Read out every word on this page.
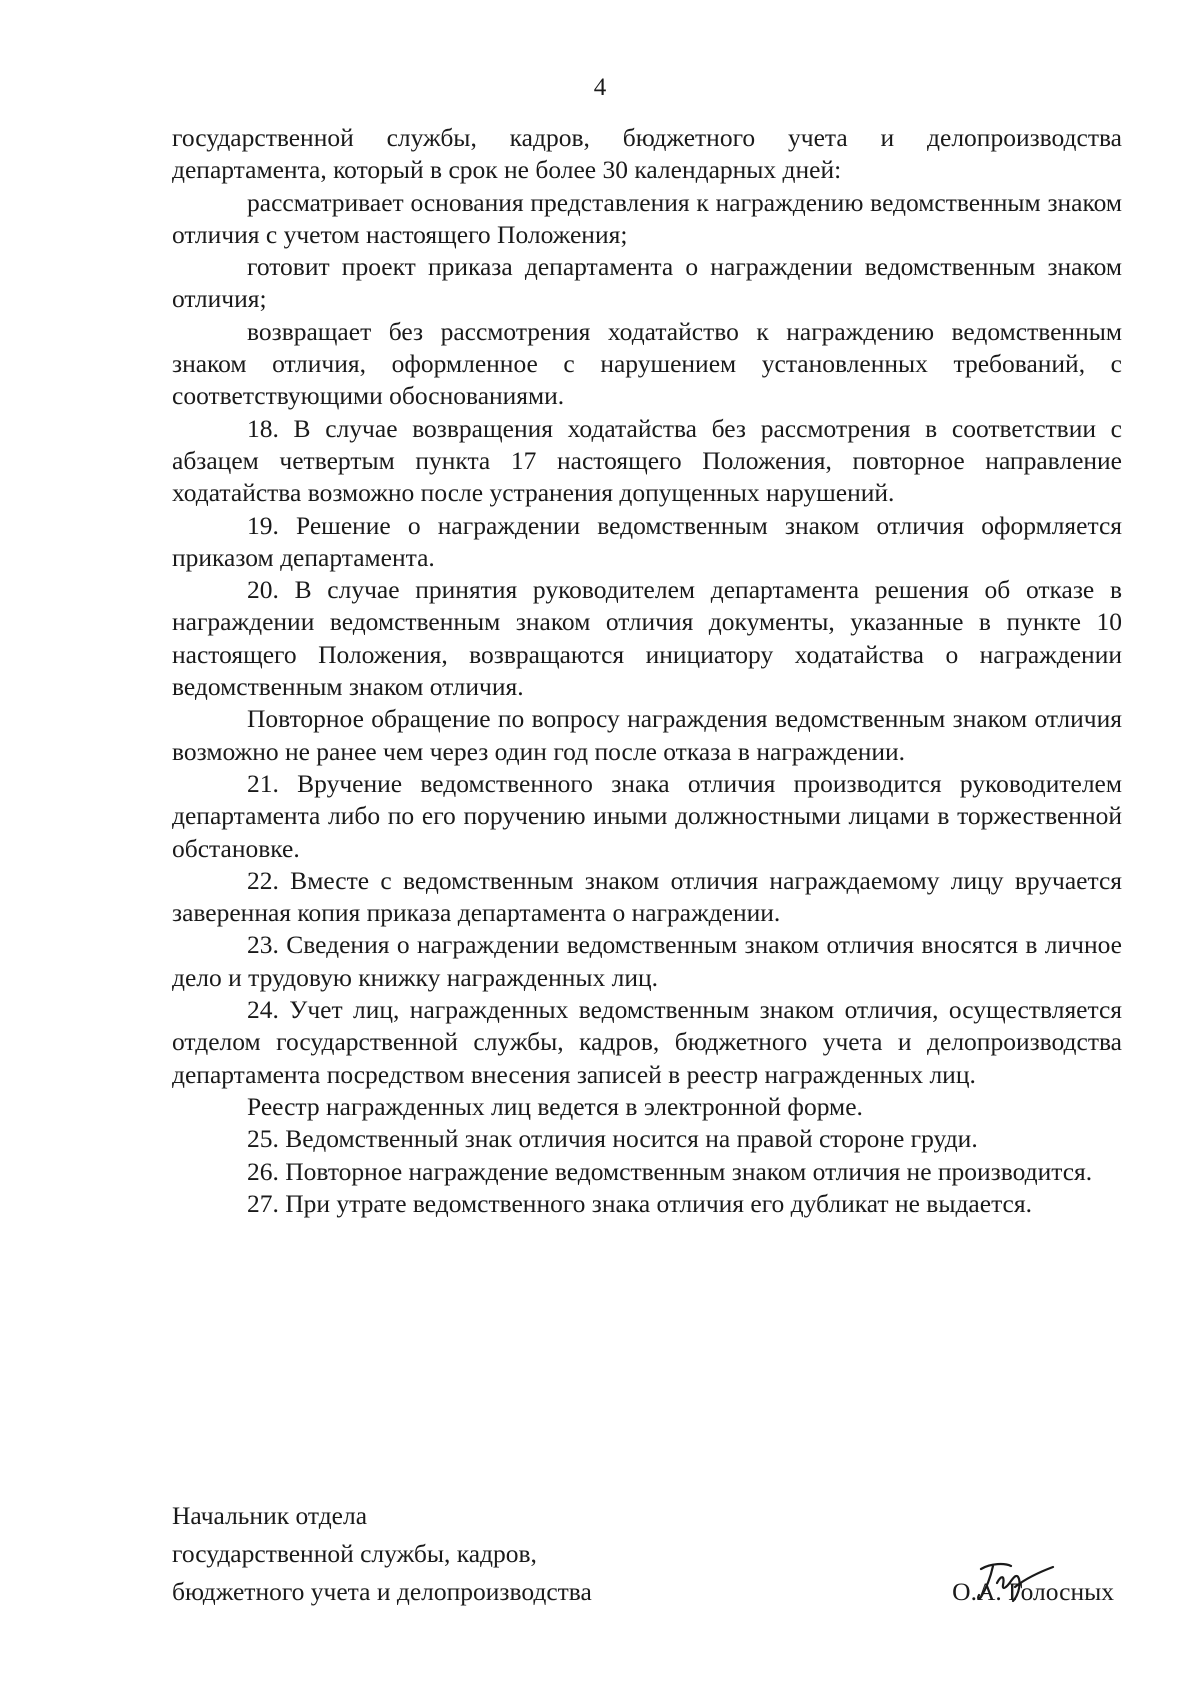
4

государственной службы, кадров, бюджетного учета и делопроизводства департамента, который в срок не более 30 календарных дней:

рассматривает основания представления к награждению ведомственным знаком отличия с учетом настоящего Положения;

готовит проект приказа департамента о награждении ведомственным знаком отличия;

возвращает без рассмотрения ходатайство к награждению ведомственным знаком отличия, оформленное с нарушением установленных требований, с соответствующими обоснованиями.

18. В случае возвращения ходатайства без рассмотрения в соответствии с абзацем четвертым пункта 17 настоящего Положения, повторное направление ходатайства возможно после устранения допущенных нарушений.

19. Решение о награждении ведомственным знаком отличия оформляется приказом департамента.

20. В случае принятия руководителем департамента решения об отказе в награждении ведомственным знаком отличия документы, указанные в пункте 10 настоящего Положения, возвращаются инициатору ходатайства о награждении ведомственным знаком отличия.

Повторное обращение по вопросу награждения ведомственным знаком отличия возможно не ранее чем через один год после отказа в награждении.

21. Вручение ведомственного знака отличия производится руководителем департамента либо по его поручению иными должностными лицами в торжественной обстановке.

22. Вместе с ведомственным знаком отличия награждаемому лицу вручается заверенная копия приказа департамента о награждении.

23. Сведения о награждении ведомственным знаком отличия вносятся в личное дело и трудовую книжку награжденных лиц.

24. Учет лиц, награжденных ведомственным знаком отличия, осуществляется отделом государственной службы, кадров, бюджетного учета и делопроизводства департамента посредством внесения записей в реестр награжденных лиц.

Реестр награжденных лиц ведется в электронной форме.

25. Ведомственный знак отличия носится на правой стороне груди.

26. Повторное награждение ведомственным знаком отличия не производится.

27. При утрате ведомственного знака отличия его дубликат не выдается.

Начальник отдела
государственной службы, кадров,
бюджетного учета и делопроизводства	О.А. Голосных
